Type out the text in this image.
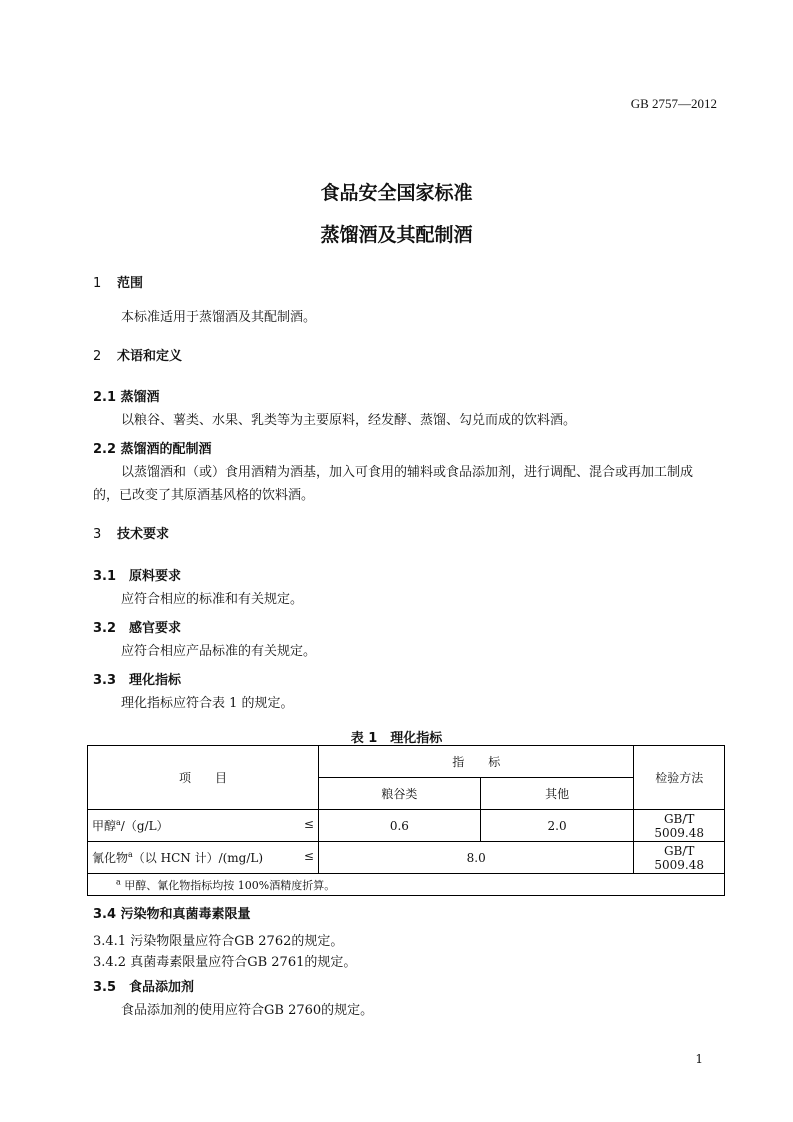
GB 2757—2012
食品安全国家标准
蒸馏酒及其配制酒
1 范围
本标准适用于蒸馏酒及其配制酒。
2 术语和定义
2.1 蒸馏酒
以粮谷、薯类、水果、乳类等为主要原料，经发酵、蒸馏、勾兑而成的饮料酒。
2.2 蒸馏酒的配制酒
以蒸馏酒和（或）食用酒精为酒基，加入可食用的辅料或食品添加剂，进行调配、混合或再加工制成的，已改变了其原酒基风格的饮料酒。
3 技术要求
3.1　原料要求
应符合相应的标准和有关规定。
3.2　感官要求
应符合相应产品标准的有关规定。
3.3　理化指标
理化指标应符合表 1 的规定。
表 1　理化指标
项　　目	指　　标		检验方法
	粮谷类	其他	
甲醇$^a$/（g/L） ≤	0.6	2.0	GB/T 5009.48
氰化物$^a$（以 HCN 计）/(mg/L) ≤	8.0		GB/T 5009.48
$^a$ 甲醇、氰化物指标均按 100%酒精度折算。			
3.4 污染物和真菌毒素限量
3.4.1 污染物限量应符合GB 2762的规定。
3.4.2 真菌毒素限量应符合GB 2761的规定。
3.5　食品添加剂
食品添加剂的使用应符合GB 2760的规定。
1
